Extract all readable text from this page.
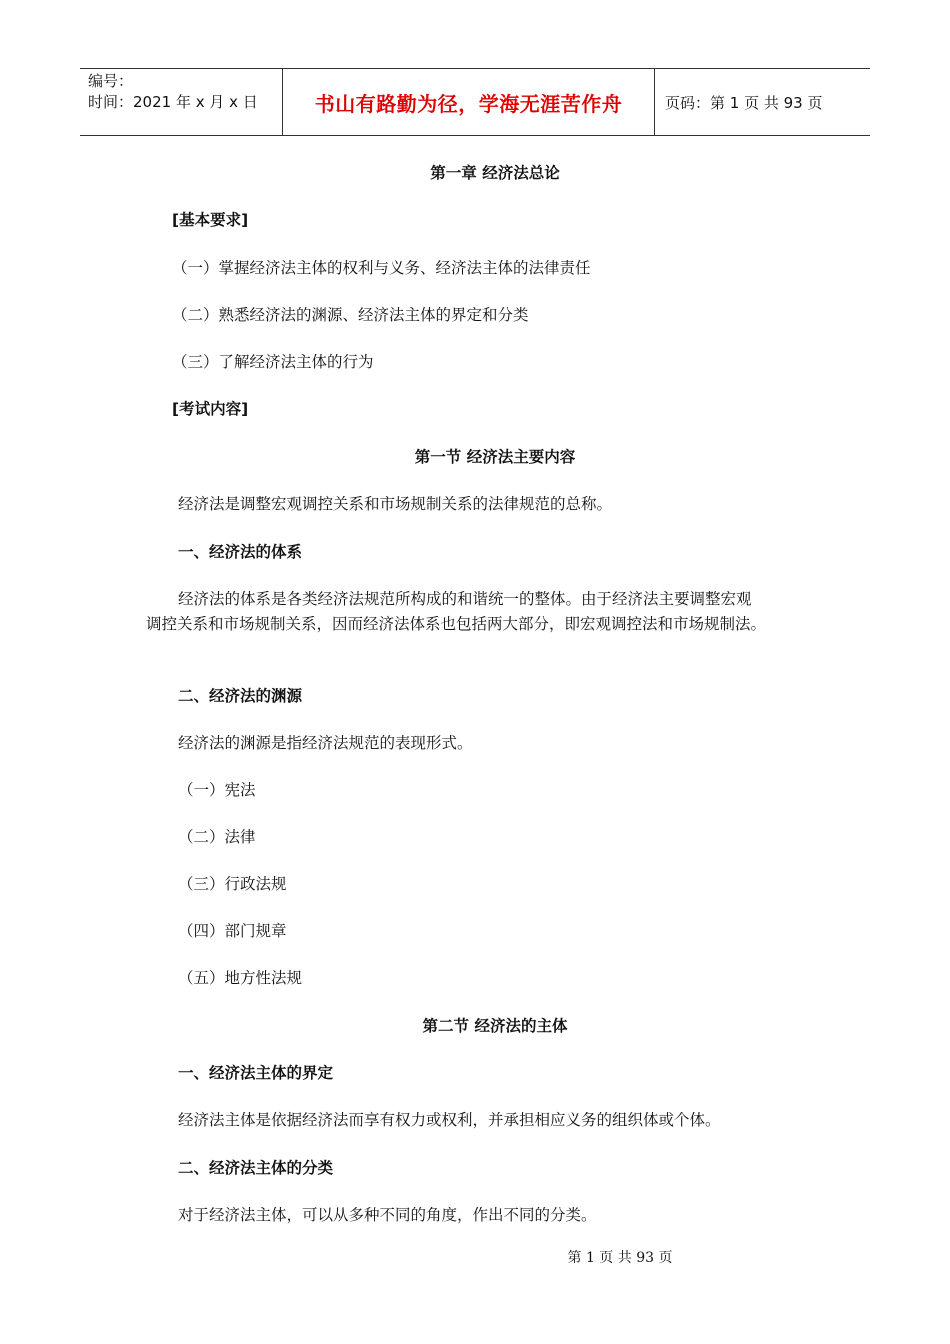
编号：
时间：2021 年 x 月 x 日	书山有路勤为径，学海无涯苦作舟	页码：第 1 页 共 93 页
第一章 经济法总论
[基本要求]
（一）掌握经济法主体的权利与义务、经济法主体的法律责任
（二）熟悉经济法的渊源、经济法主体的界定和分类
（三）了解经济法主体的行为
[考试内容]
第一节 经济法主要内容
经济法是调整宏观调控关系和市场规制关系的法律规范的总称。
一、经济法的体系
经济法的体系是各类经济法规范所构成的和谐统一的整体。由于经济法主要调整宏观
调控关系和市场规制关系，因而经济法体系也包括两大部分，即宏观调控法和市场规制法。
二、经济法的渊源
经济法的渊源是指经济法规范的表现形式。
（一）宪法
（二）法律
（三）行政法规
（四）部门规章
（五）地方性法规
第二节 经济法的主体
一、经济法主体的界定
经济法主体是依据经济法而享有权力或权利，并承担相应义务的组织体或个体。
二、经济法主体的分类
对于经济法主体，可以从多种不同的角度，作出不同的分类。
第 1 页 共 93 页
